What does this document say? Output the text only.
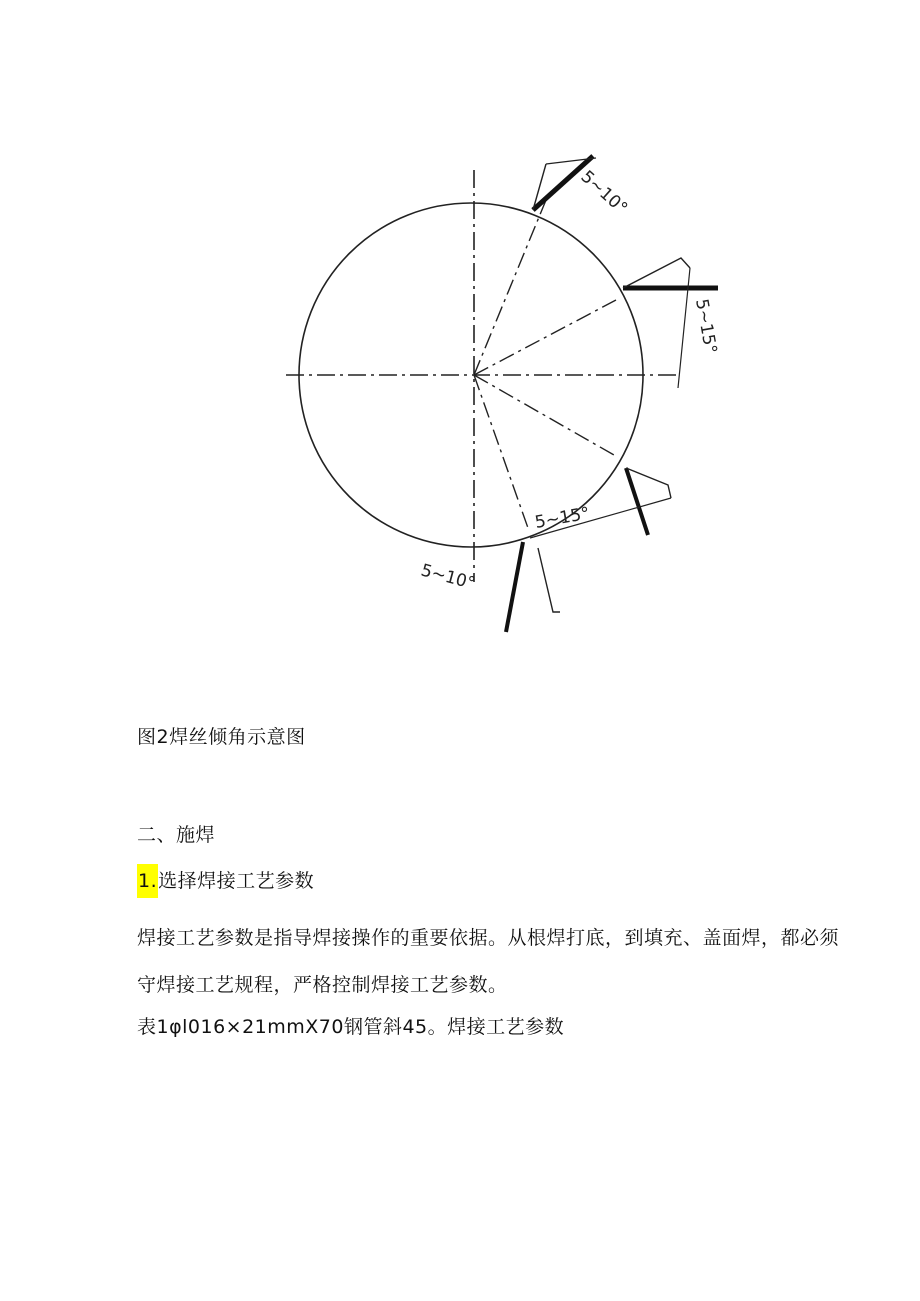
5~10°
5~15°
5~15°
5~10°
图2焊丝倾角示意图
二、施焊
1.选择焊接工艺参数

焊接工艺参数是指导焊接操作的重要依据。从根焊打底，到填充、盖面焊，都必须守焊接工艺规程，严格控制焊接工艺参数。

表1φl016×21mmX70钢管斜45。焊接工艺参数
